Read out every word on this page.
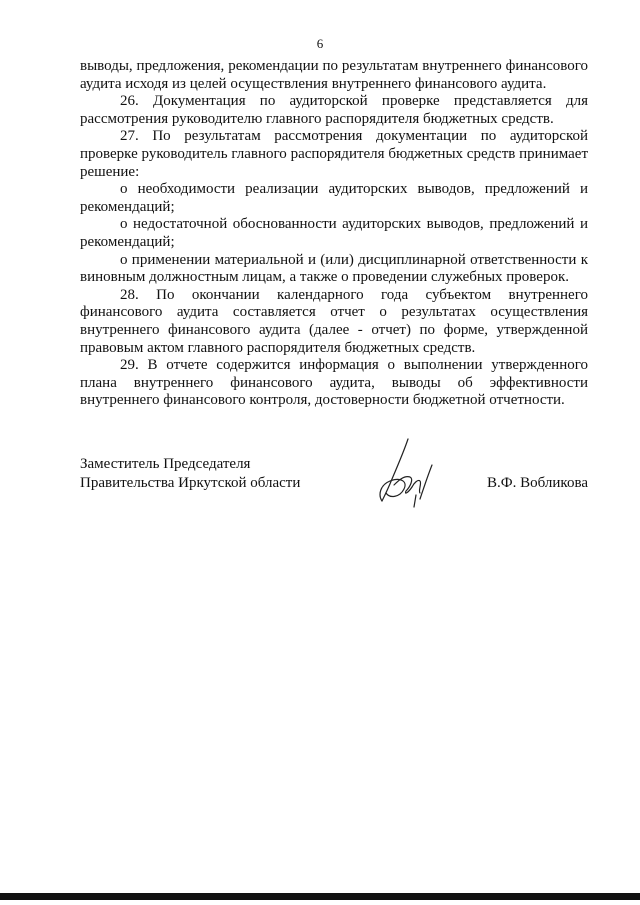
6

выводы, предложения, рекомендации по результатам внутреннего финансового аудита исходя из целей осуществления внутреннего финансового аудита.

26. Документация по аудиторской проверке представляется для рассмотрения руководителю главного распорядителя бюджетных средств.

27. По результатам рассмотрения документации по аудиторской проверке руководитель главного распорядителя бюджетных средств принимает решение:

о необходимости реализации аудиторских выводов, предложений и рекомендаций;

о недостаточной обоснованности аудиторских выводов, предложений и рекомендаций;

о применении материальной и (или) дисциплинарной ответственности к виновным должностным лицам, а также о проведении служебных проверок.

28. По окончании календарного года субъектом внутреннего финансового аудита составляется отчет о результатах осуществления внутреннего финансового аудита (далее - отчет) по форме, утвержденной правовым актом главного распорядителя бюджетных средств.

29. В отчете содержится информация о выполнении утвержденного плана внутреннего финансового аудита, выводы об эффективности внутреннего финансового контроля, достоверности бюджетной отчетности.

Заместитель Председателя
Правительства Иркутской области	В.Ф. Вобликова
